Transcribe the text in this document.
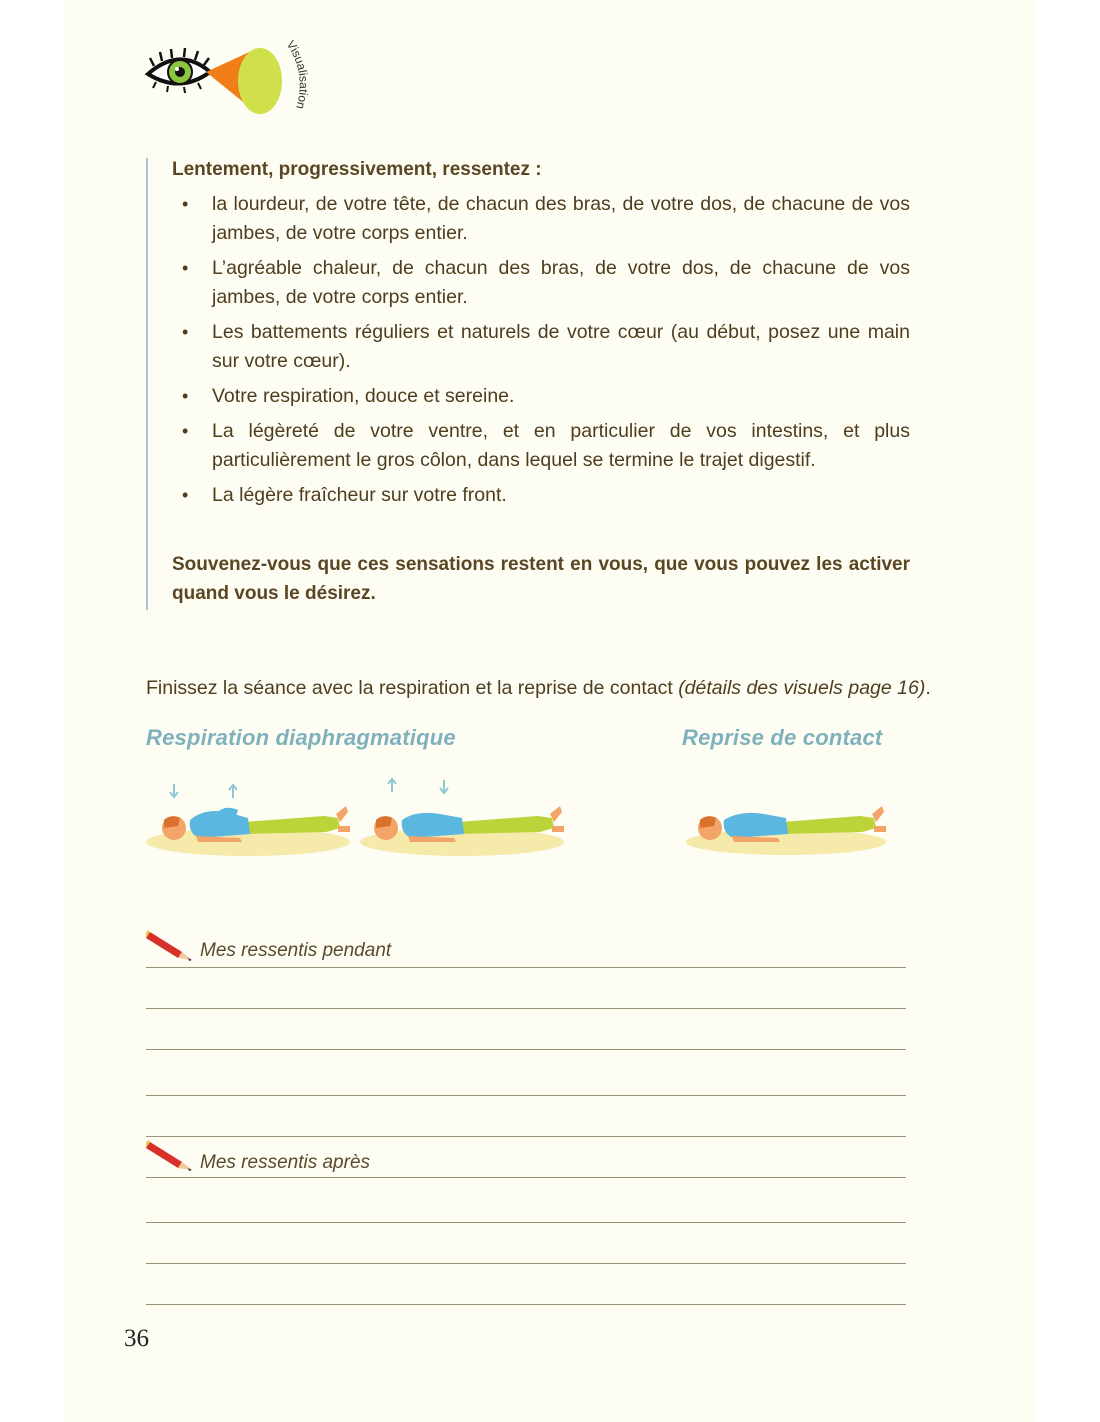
Visualisation
Lentement, progressivement, ressentez :
• la lourdeur, de votre tête, de chacun des bras, de votre dos, de chacune de vos jambes, de votre corps entier.
• L’agréable chaleur, de chacun des bras, de votre dos, de chacune de vos jambes, de votre corps entier.
• Les battements réguliers et naturels de votre cœur (au début, posez une main sur votre cœur).
• Votre respiration, douce et sereine.
• La légèreté de votre ventre, et en particulier de vos intestins, et plus particulièrement le gros côlon, dans lequel se termine le trajet digestif.
• La légère fraîcheur sur votre front.
Souvenez-vous que ces sensations restent en vous, que vous pouvez les activer quand vous le désirez.
Finissez la séance avec la respiration et la reprise de contact (détails des visuels page 16).
Respiration diaphragmatique	Reprise de contact
Mes ressentis pendant
Mes ressentis après
36
